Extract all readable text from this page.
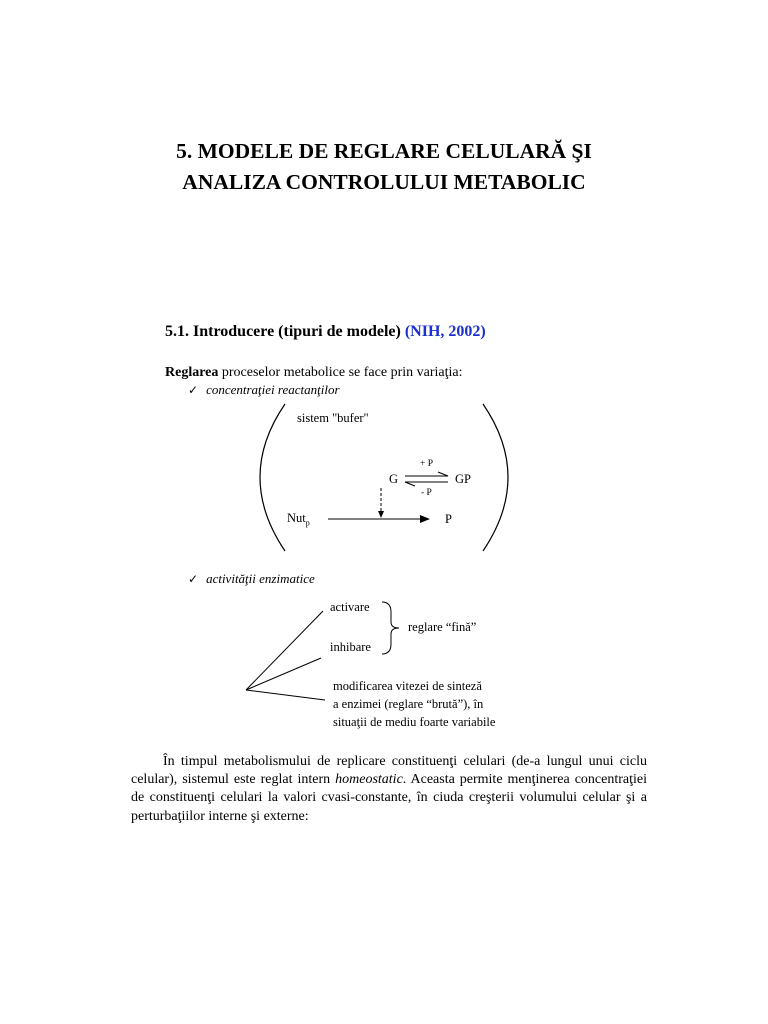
5. MODELE DE REGLARE CELULARĂ ŞI
ANALIZA CONTROLULUI METABOLIC
5.1. Introducere (tipuri de modele) (NIH, 2002)

Reglarea proceselor metabolice se face prin variaţia:

✓ concentraţiei reactanţilor

✓ activităţii enzimatice

sistem "bufer"

+ P

G	GP

- P

Nut$_p$	P

activare

inhibare

reglare “fină”

modificarea vitezei de sinteză

a enzimei (reglare “brută”), în

situaţii de mediu foarte variabile

În timpul metabolismului de replicare constituenţi celulari (de-a lungul unui ciclu celular), sistemul este reglat intern homeostatic. Aceasta permite menţinerea concentraţiei de constituenţi celulari la valori cvasi-constante, în ciuda creşterii volumului celular şi a perturbaţiilor interne şi externe:
